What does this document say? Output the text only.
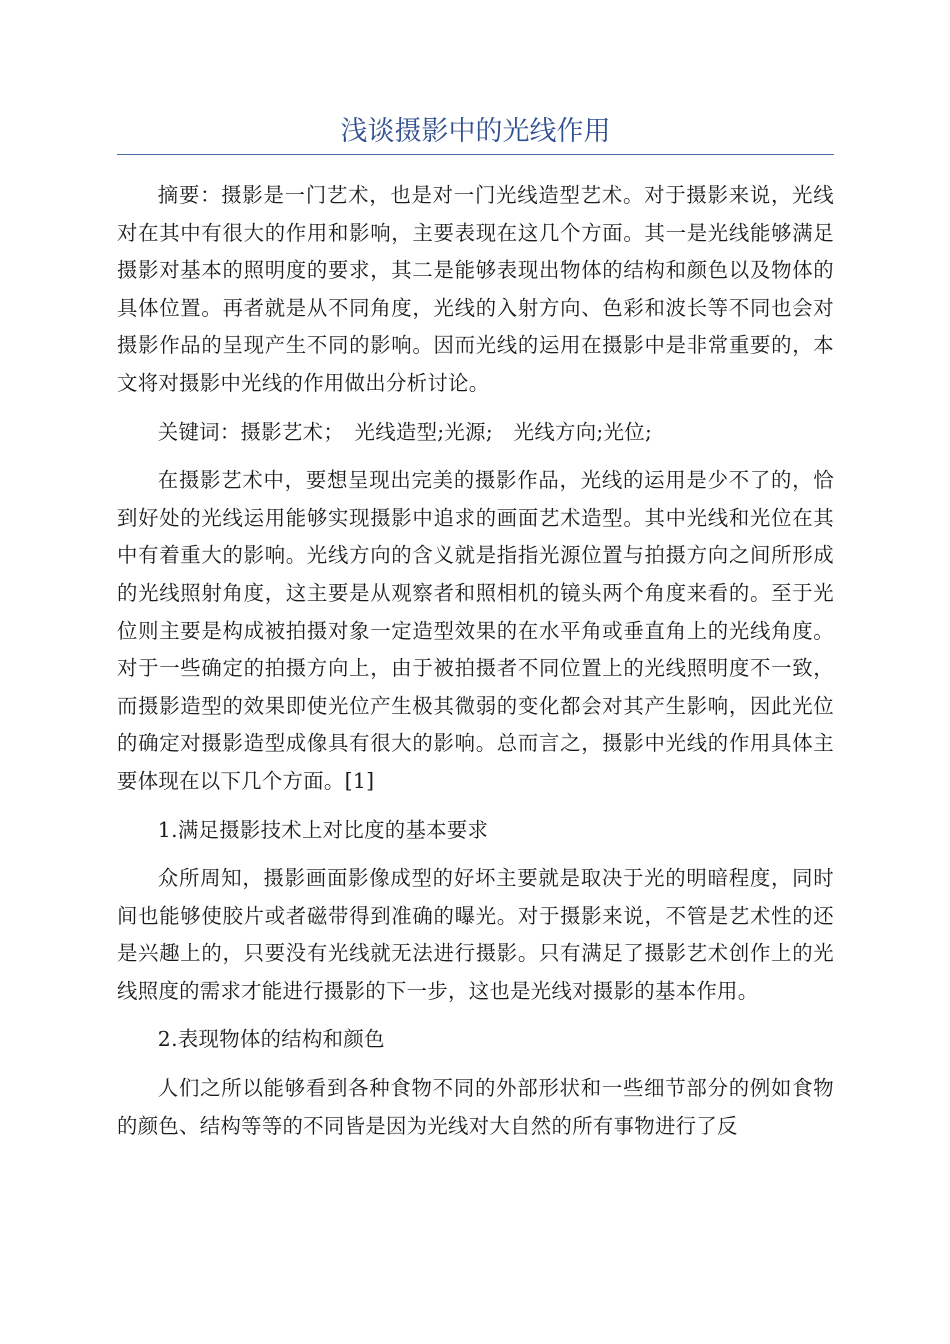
浅谈摄影中的光线作用

摘要：摄影是一门艺术，也是对一门光线造型艺术。对于摄影来说，光线对在其中有很大的作用和影响，主要表现在这几个方面。其一是光线能够满足摄影对基本的照明度的要求，其二是能够表现出物体的结构和颜色以及物体的具体位置。再者就是从不同角度，光线的入射方向、色彩和波长等不同也会对摄影作品的呈现产生不同的影响。因而光线的运用在摄影中是非常重要的，本文将对摄影中光线的作用做出分析讨论。

关键词：摄影艺术；　光线造型;光源;　光线方向;光位;

在摄影艺术中，要想呈现出完美的摄影作品，光线的运用是少不了的，恰到好处的光线运用能够实现摄影中追求的画面艺术造型。其中光线和光位在其中有着重大的影响。光线方向的含义就是指指光源位置与拍摄方向之间所形成的光线照射角度，这主要是从观察者和照相机的镜头两个角度来看的。至于光位则主要是构成被拍摄对象一定造型效果的在水平角或垂直角上的光线角度。对于一些确定的拍摄方向上，由于被拍摄者不同位置上的光线照明度不一致，而摄影造型的效果即使光位产生极其微弱的变化都会对其产生影响，因此光位的确定对摄影造型成像具有很大的影响。总而言之，摄影中光线的作用具体主要体现在以下几个方面。[1]

1.满足摄影技术上对比度的基本要求

众所周知，摄影画面影像成型的好坏主要就是取决于光的明暗程度，同时间也能够使胶片或者磁带得到准确的曝光。对于摄影来说，不管是艺术性的还是兴趣上的，只要没有光线就无法进行摄影。只有满足了摄影艺术创作上的光线照度的需求才能进行摄影的下一步，这也是光线对摄影的基本作用。

2.表现物体的结构和颜色

人们之所以能够看到各种食物不同的外部形状和一些细节部分的例如食物的颜色、结构等等的不同皆是因为光线对大自然的所有事物进行了反
